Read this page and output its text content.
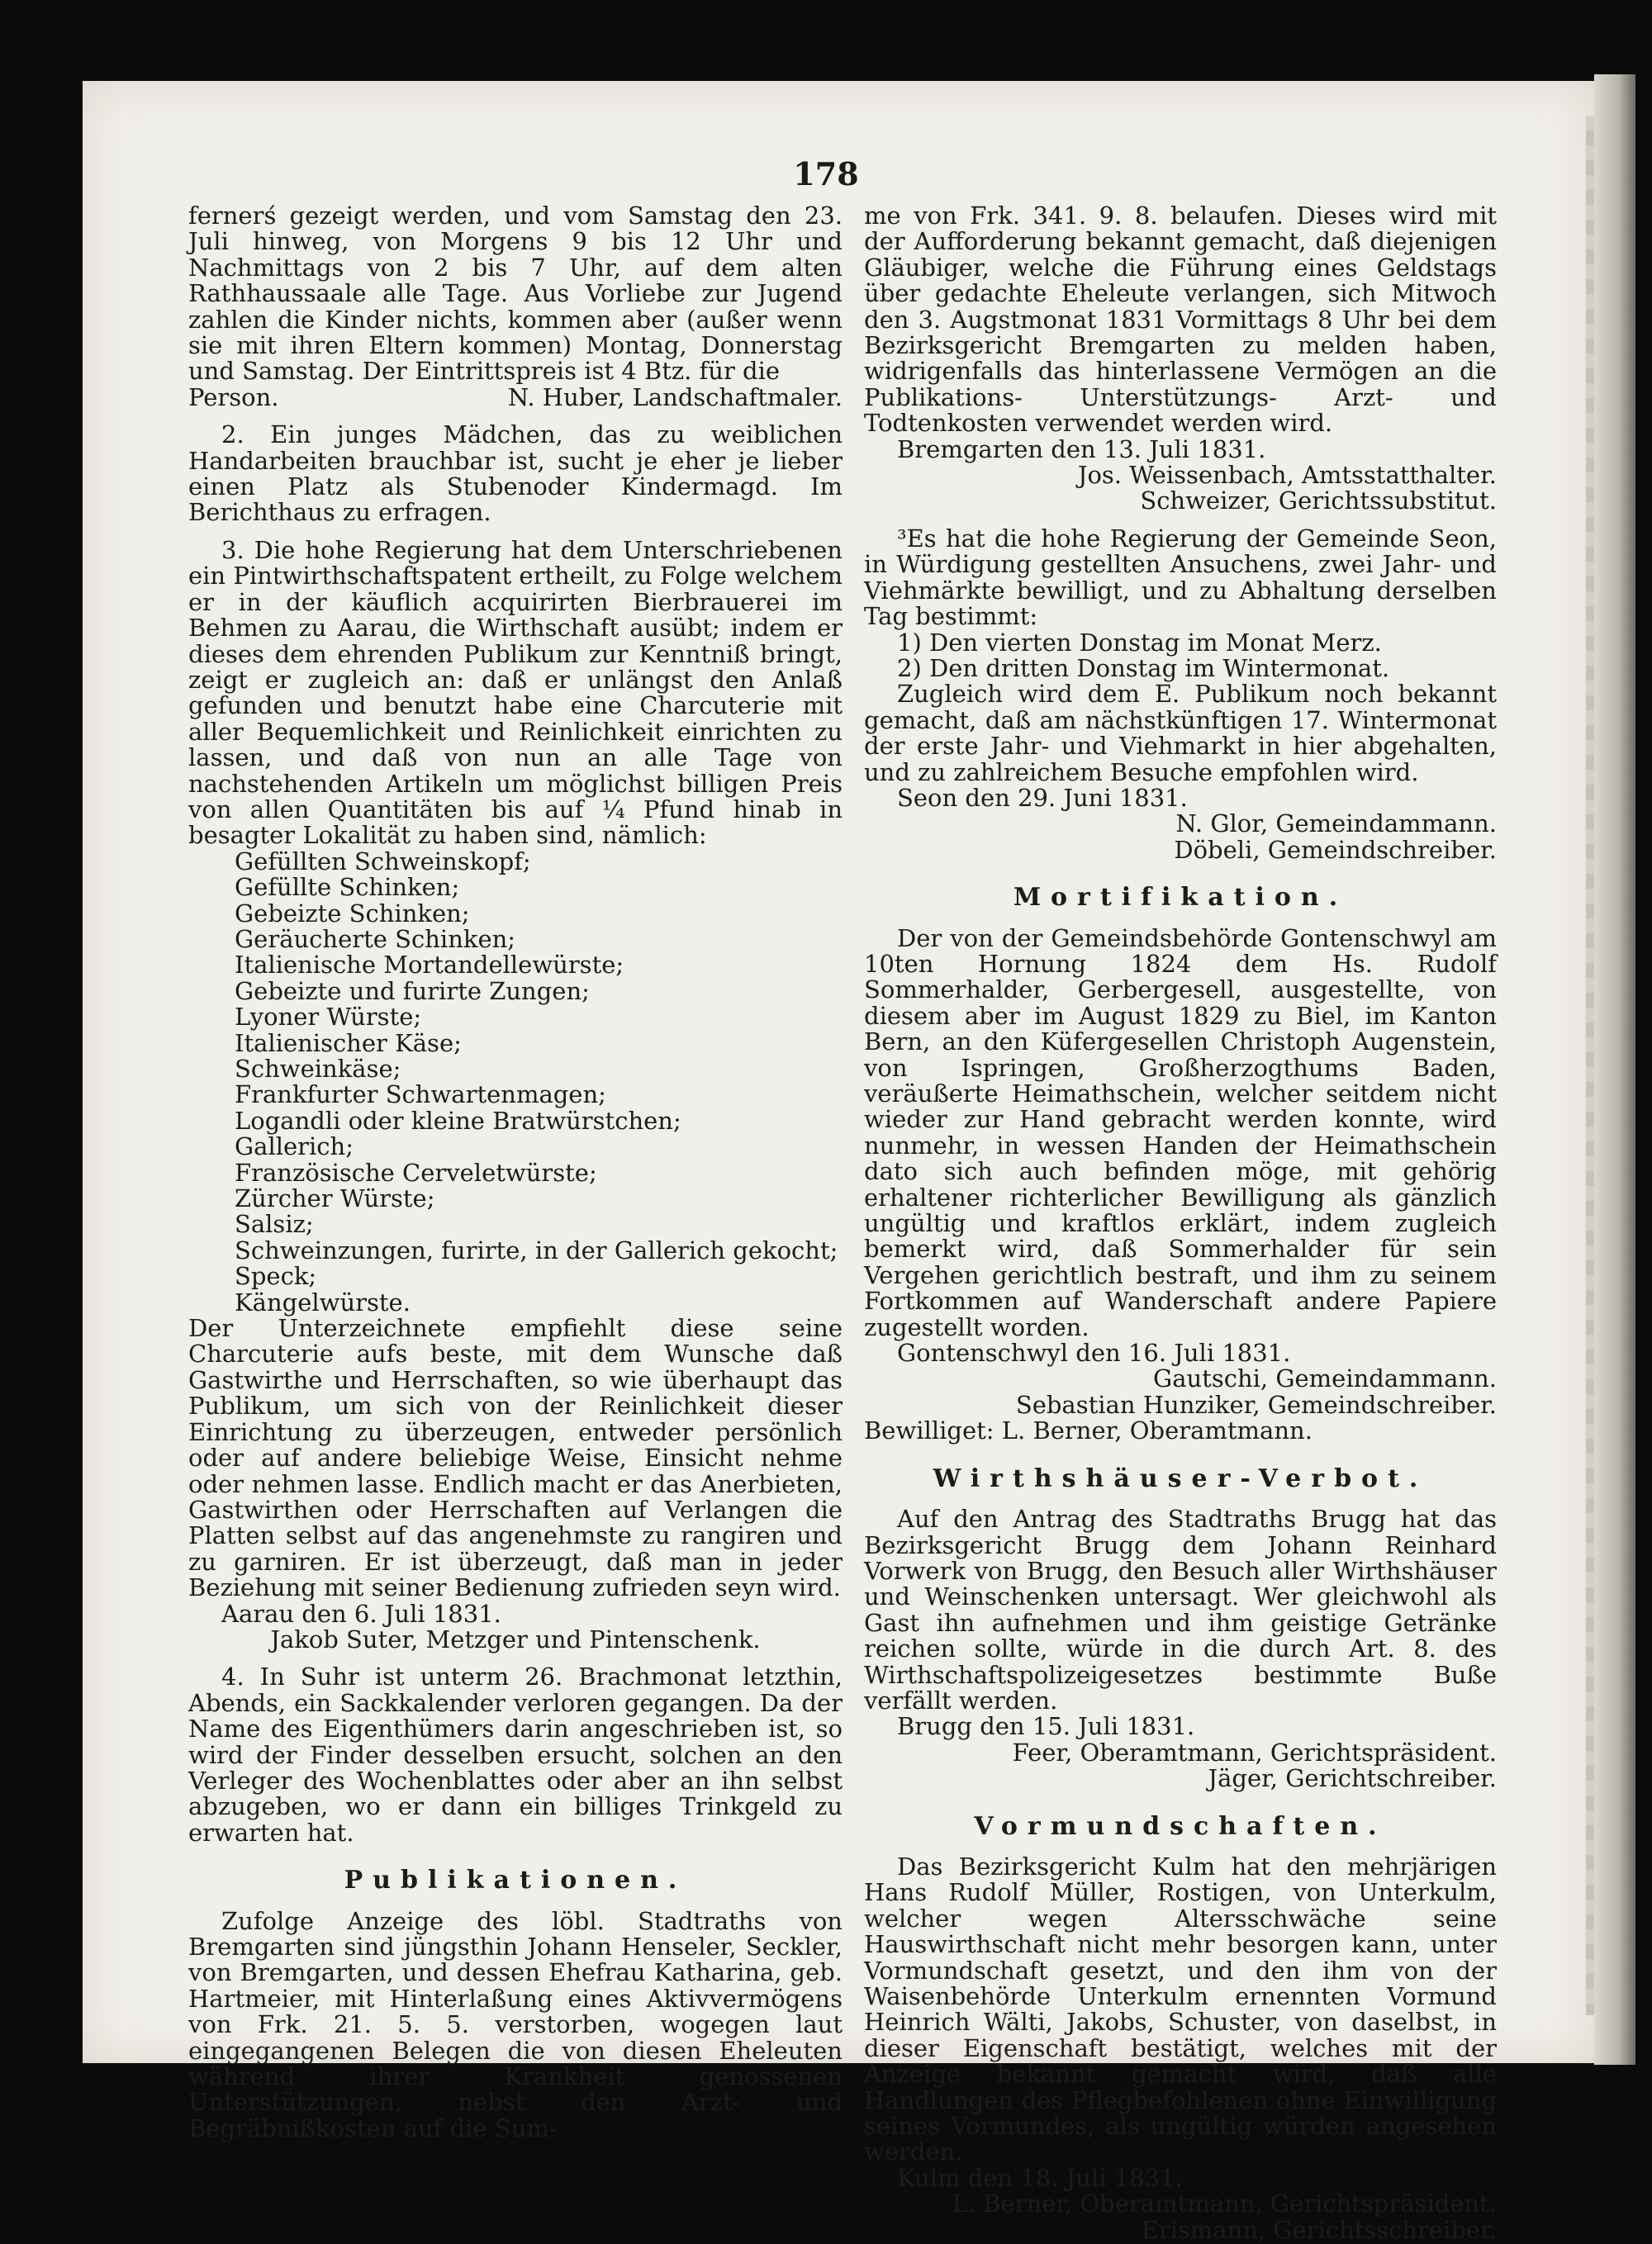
178

fernerś gezeigt werden, und vom Samstag den 23. Juli hinweg, von Morgens 9 bis 12 Uhr und Nachmittags von 2 bis 7 Uhr, auf dem alten Rathhaussaale alle Tage. Aus Vorliebe zur Jugend zahlen die Kinder nichts, kommen aber (außer wenn sie mit ihren Eltern kommen) Montag, Donnerstag und Samstag. Der Eintrittspreis ist 4 Btz. für die

Person.	N. Huber, Landschaftmaler.

2. Ein junges Mädchen, das zu weiblichen Handarbeiten brauchbar ist, sucht je eher je lieber einen Platz als Stubenoder Kindermagd. Im Berichthaus zu erfragen.

3. Die hohe Regierung hat dem Unterschriebenen ein Pintwirthschaftspatent ertheilt, zu Folge welchem er in der käuflich acquirirten Bierbrauerei im Behmen zu Aarau, die Wirthschaft ausübt; indem er dieses dem ehrenden Publikum zur Kenntniß bringt, zeigt er zugleich an: daß er unlängst den Anlaß gefunden und benutzt habe eine Charcuterie mit aller Bequemlichkeit und Reinlichkeit einrichten zu lassen, und daß von nun an alle Tage von nachstehenden Artikeln um möglichst billigen Preis von allen Quantitäten bis auf ¼ Pfund hinab in besagter Lokalität zu haben sind, nämlich:

Gefüllten Schweinskopf;
Gefüllte Schinken;
Gebeizte Schinken;
Geräucherte Schinken;
Italienische Mortandellewürste;
Gebeizte und furirte Zungen;
Lyoner Würste;
Italienischer Käse;
Schweinkäse;
Frankfurter Schwartenmagen;
Logandli oder kleine Bratwürstchen;
Gallerich;
Französische Cerveletwürste;
Zürcher Würste;
Salsiz;
Schweinzungen, furirte, in der Gallerich gekocht;
Speck;
Kängelwürste.

Der Unterzeichnete empfiehlt diese seine Charcuterie aufs beste, mit dem Wunsche daß Gastwirthe und Herrschaften, so wie überhaupt das Publikum, um sich von der Reinlichkeit dieser Einrichtung zu überzeugen, entweder persönlich oder auf andere beliebige Weise, Einsicht nehme oder nehmen lasse. Endlich macht er das Anerbieten, Gastwirthen oder Herrschaften auf Verlangen die Platten selbst auf das angenehmste zu rangiren und zu garniren. Er ist überzeugt, daß man in jeder Beziehung mit seiner Bedienung zufrieden seyn wird.

Aarau den 6. Juli 1831.

Jakob Suter, Metzger und Pintenschenk.

4. In Suhr ist unterm 26. Brachmonat letzthin, Abends, ein Sackkalender verloren gegangen. Da der Name des Eigenthümers darin angeschrieben ist, so wird der Finder desselben ersucht, solchen an den Verleger des Wochenblattes oder aber an ihn selbst abzugeben, wo er dann ein billiges Trinkgeld zu erwarten hat.

Publikationen.

Zufolge Anzeige des löbl. Stadtraths von Bremgarten sind jüngsthin Johann Henseler, Seckler, von Bremgarten, und dessen Ehefrau Katharina, geb. Hartmeier, mit Hinterlaßung eines Aktivvermögens von Frk. 21. 5. 5. verstorben, wogegen laut eingegangenen Belegen die von diesen Eheleuten während ihrer Krankheit genossenen Unterstützungen, nebst den Arzt- und Begräbnißkosten auf die Sum-

me von Frk. 341. 9. 8. belaufen. Dieses wird mit der Aufforderung bekannt gemacht, daß diejenigen Gläubiger, welche die Führung eines Geldstags über gedachte Eheleute verlangen, sich Mitwoch den 3. Augstmonat 1831 Vormittags 8 Uhr bei dem Bezirksgericht Bremgarten zu melden haben, widrigenfalls das hinterlassene Vermögen an die Publikations- Unterstützungs- Arzt- und Todtenkosten verwendet werden wird.

Bremgarten den 13. Juli 1831.

Jos. Weissenbach, Amtsstatthalter.

Schweizer, Gerichtssubstitut.

³Es hat die hohe Regierung der Gemeinde Seon, in Würdigung gestellten Ansuchens, zwei Jahr- und Viehmärkte bewilligt, und zu Abhaltung derselben Tag bestimmt:

1) Den vierten Donstag im Monat Merz.

2) Den dritten Donstag im Wintermonat.

Zugleich wird dem E. Publikum noch bekannt gemacht, daß am nächstkünftigen 17. Wintermonat der erste Jahr- und Viehmarkt in hier abgehalten, und zu zahlreichem Besuche empfohlen wird.

Seon den 29. Juni 1831.

N. Glor, Gemeindammann.

Döbeli, Gemeindschreiber.

Mortifikation.

Der von der Gemeindsbehörde Gontenschwyl am 10ten Hornung 1824 dem Hs. Rudolf Sommerhalder, Gerbergesell, ausgestellte, von diesem aber im August 1829 zu Biel, im Kanton Bern, an den Küfergesellen Christoph Augenstein, von Ispringen, Großherzogthums Baden, veräußerte Heimathschein, welcher seitdem nicht wieder zur Hand gebracht werden konnte, wird nunmehr, in wessen Handen der Heimathschein dato sich auch befinden möge, mit gehörig erhaltener richterlicher Bewilligung als gänzlich ungültig und kraftlos erklärt, indem zugleich bemerkt wird, daß Sommerhalder für sein Vergehen gerichtlich bestraft, und ihm zu seinem Fortkommen auf Wanderschaft andere Papiere zugestellt worden.

Gontenschwyl den 16. Juli 1831.

Gautschi, Gemeindammann.

Sebastian Hunziker, Gemeindschreiber.

Bewilliget: L. Berner, Oberamtmann.

Wirthshäuser-Verbot.

Auf den Antrag des Stadtraths Brugg hat das Bezirksgericht Brugg dem Johann Reinhard Vorwerk von Brugg, den Besuch aller Wirthshäuser und Weinschenken untersagt. Wer gleichwohl als Gast ihn aufnehmen und ihm geistige Getränke reichen sollte, würde in die durch Art. 8. des Wirthschaftspolizeigesetzes bestimmte Buße verfällt werden.

Brugg den 15. Juli 1831.

Feer, Oberamtmann, Gerichtspräsident.

Jäger, Gerichtschreiber.

Vormundschaften.

Das Bezirksgericht Kulm hat den mehrjärigen Hans Rudolf Müller, Rostigen, von Unterkulm, welcher wegen Altersschwäche seine Hauswirthschaft nicht mehr besorgen kann, unter Vormundschaft gesetzt, und den ihm von der Waisenbehörde Unterkulm ernennten Vormund Heinrich Wälti, Jakobs, Schuster, von daselbst, in dieser Eigenschaft bestätigt, welches mit der Anzeige bekannt gemacht wird, daß alle Handlungen des Pflegbefohlenen ohne Einwilligung seines Vormundes, als ungültig würden angesehen werden.

Kulm den 18. Juli 1831.

L. Berner, Oberamtmann, Gerichtspräsident.

Erismann, Gerichtsschreiber.
